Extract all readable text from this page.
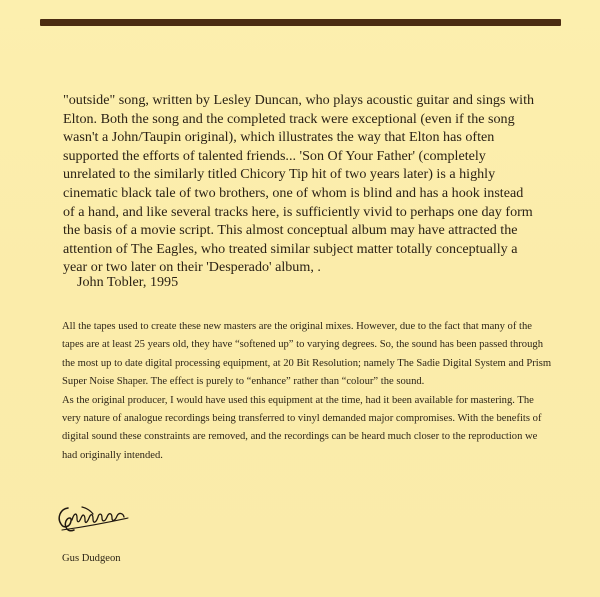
"outside" song, written by Lesley Duncan, who plays acoustic guitar and sings with Elton. Both the song and the completed track were exceptional (even if the song wasn't a John/Taupin original), which illustrates the way that Elton has often supported the efforts of talented friends... 'Son Of Your Father' (completely unrelated to the similarly titled Chicory Tip hit of two years later) is a highly cinematic black tale of two brothers, one of whom is blind and has a hook instead of a hand, and like several tracks here, is sufficiently vivid to perhaps one day form the basis of a movie script. This almost conceptual album may have attracted the attention of The Eagles, who treated similar subject matter totally conceptually a year or two later on their 'Desperado' album, .

John Tobler, 1995

All the tapes used to create these new masters are the original mixes. However, due to the fact that many of the tapes are at least 25 years old, they have “softened up” to varying degrees. So, the sound has been passed through the most up to date digital processing equipment, at 20 Bit Resolution; namely The Sadie Digital System and Prism Super Noise Shaper. The effect is purely to “enhance” rather than “colour” the sound.

As the original producer, I would have used this equipment at the time, had it been available for mastering. The very nature of analogue recordings being transferred to vinyl demanded major compromises. With the benefits of digital sound these constraints are removed, and the recordings can be heard much closer to the reproduction we had originally intended.

Gus Dudgeon
